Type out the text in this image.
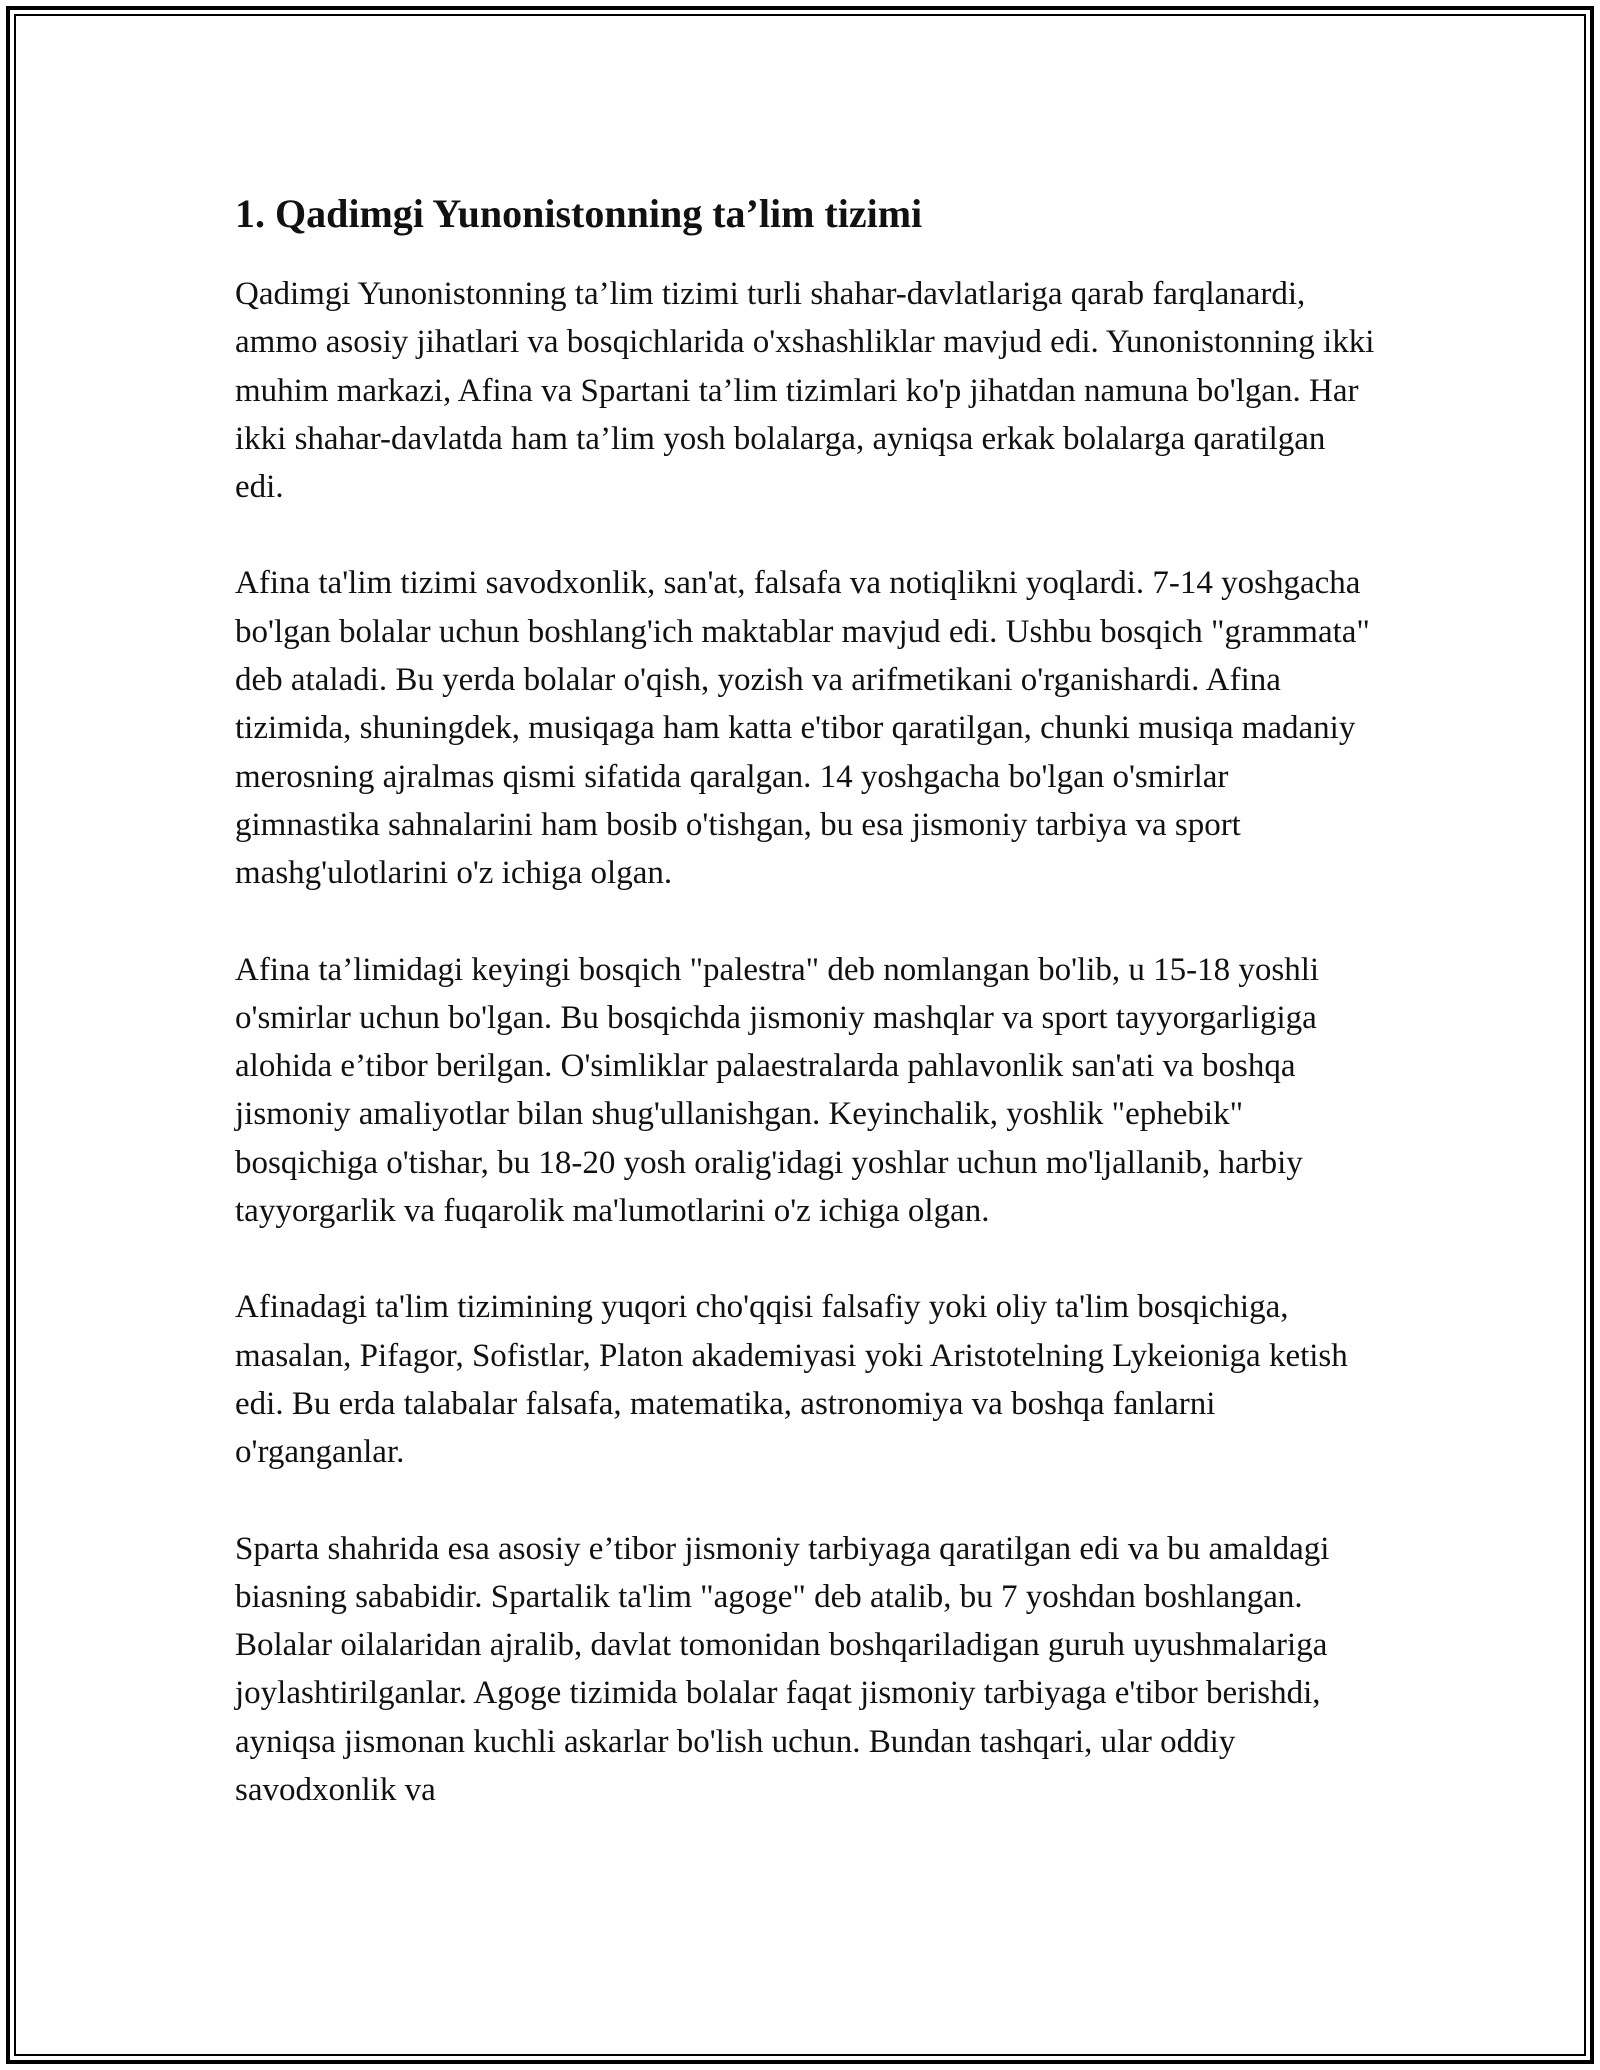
1. Qadimgi Yunonistonning ta’lim tizimi

Qadimgi Yunonistonning ta’lim tizimi turli shahar-davlatlariga qarab farqlanardi, ammo asosiy jihatlari va bosqichlarida o'xshashliklar mavjud edi. Yunonistonning ikki muhim markazi, Afina va Spartani ta’lim tizimlari ko'p jihatdan namuna bo'lgan. Har ikki shahar-davlatda ham ta’lim yosh bolalarga, ayniqsa erkak bolalarga qaratilgan edi.

Afina ta'lim tizimi savodxonlik, san'at, falsafa va notiqlikni yoqlardi. 7-14 yoshgacha bo'lgan bolalar uchun boshlang'ich maktablar mavjud edi. Ushbu bosqich "grammata" deb ataladi. Bu yerda bolalar o'qish, yozish va arifmetikani o'rganishardi. Afina tizimida, shuningdek, musiqaga ham katta e'tibor qaratilgan, chunki musiqa madaniy merosning ajralmas qismi sifatida qaralgan. 14 yoshgacha bo'lgan o'smirlar gimnastika sahnalarini ham bosib o'tishgan, bu esa jismoniy tarbiya va sport mashg'ulotlarini o'z ichiga olgan.

Afina ta’limidagi keyingi bosqich "palestra" deb nomlangan bo'lib, u 15-18 yoshli o'smirlar uchun bo'lgan. Bu bosqichda jismoniy mashqlar va sport tayyorgarligiga alohida e’tibor berilgan. O'simliklar palaestralarda pahlavonlik san'ati va boshqa jismoniy amaliyotlar bilan shug'ullanishgan. Keyinchalik, yoshlik "ephebik" bosqichiga o'tishar, bu 18-20 yosh oralig'idagi yoshlar uchun mo'ljallanib, harbiy tayyorgarlik va fuqarolik ma'lumotlarini o'z ichiga olgan.

Afinadagi ta'lim tizimining yuqori cho'qqisi falsafiy yoki oliy ta'lim bosqichiga, masalan, Pifagor, Sofistlar, Platon akademiyasi yoki Aristotelning Lykeioniga ketish edi. Bu erda talabalar falsafa, matematika, astronomiya va boshqa fanlarni o'rganganlar.

Sparta shahrida esa asosiy e’tibor jismoniy tarbiyaga qaratilgan edi va bu amaldagi biasning sababidir. Spartalik ta'lim "agoge" deb atalib, bu 7 yoshdan boshlangan. Bolalar oilalaridan ajralib, davlat tomonidan boshqariladigan guruh uyushmalariga joylashtirilganlar. Agoge tizimida bolalar faqat jismoniy tarbiyaga e'tibor berishdi, ayniqsa jismonan kuchli askarlar bo'lish uchun. Bundan tashqari, ular oddiy savodxonlik va
